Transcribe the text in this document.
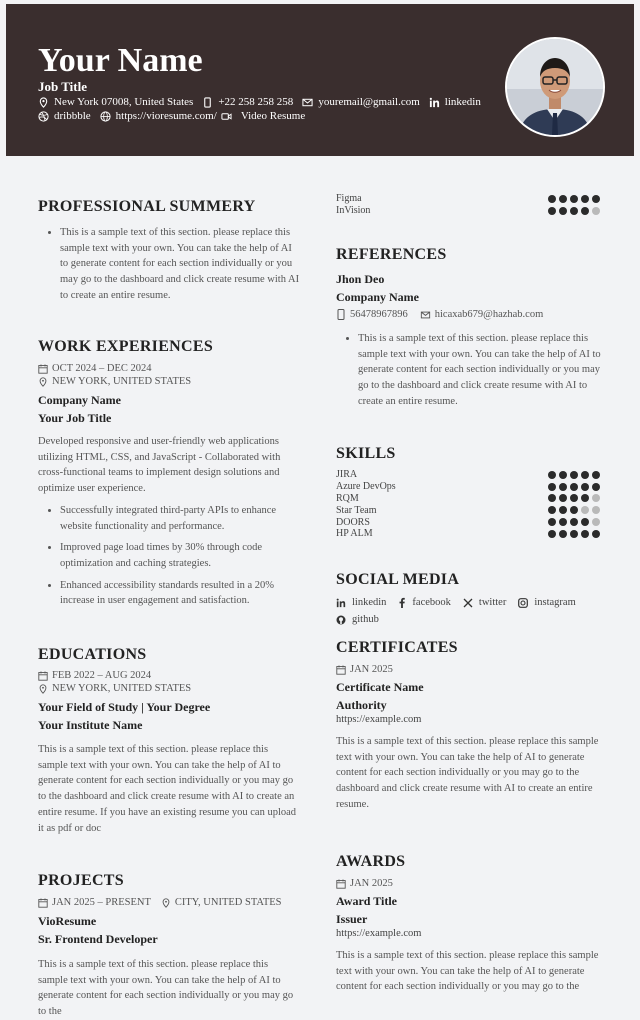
Your Name
Job Title
New York 07008, United States +22 258 258 258 youremail@gmail.com linkedin
dribbble https://vioresume.com/ Video Resume
PROFESSIONAL SUMMERY
• This is a sample text of this section. please replace this sample text with your own. You can take the help of AI to generate content for each section individually or you may go to the dashboard and click create resume with AI to create an entire resume.
WORK EXPERIENCES
OCT 2024 – DEC 2024
NEW YORK, UNITED STATES
Company Name
Your Job Title

Developed responsive and user-friendly web applications utilizing HTML, CSS, and JavaScript - Collaborated with cross-functional teams to implement design solutions and optimize user experience.

• Successfully integrated third-party APIs to enhance website functionality and performance.
• Improved page load times by 30% through code optimization and caching strategies.
• Enhanced accessibility standards resulted in a 20% increase in user engagement and satisfaction.
EDUCATIONS
FEB 2022 – AUG 2024
NEW YORK, UNITED STATES
Your Field of Study | Your Degree
Your Institute Name

This is a sample text of this section. please replace this sample text with your own. You can take the help of AI to generate content for each section individually or you may go to the dashboard and click create resume with AI to create an entire resume. If you have an existing resume you can upload it as pdf or doc

PROJECTS
JAN 2025 – PRESENT CITY, UNITED STATES
VioResume
Sr. Frontend Developer

This is a sample text of this section. please replace this sample text with your own. You can take the help of AI to generate content for each section individually or you may go to the

Figma
InVision
REFERENCES
Jhon Deo
Company Name
56478967896	hicaxab679@hazhab.com
• This is a sample text of this section. please replace this sample text with your own. You can take the help of AI to generate content for each section individually or you may go to the dashboard and click create resume with AI to create an entire resume.
SKILLS
JIRA
Azure DevOps
RQM
Star Team
DOORS
HP ALM
SOCIAL MEDIA
linkedin facebook	twitter	instagram
github
CERTIFICATES
JAN 2025
Certificate Name
Authority
https://example.com

This is a sample text of this section. please replace this sample text with your own. You can take the help of AI to generate content for each section individually or you may go to the dashboard and click create resume with AI to create an entire resume.

AWARDS
JAN 2025
Award Title
Issuer
https://example.com

This is a sample text of this section. please replace this sample text with your own. You can take the help of AI to generate content for each section individually or you may go to the
